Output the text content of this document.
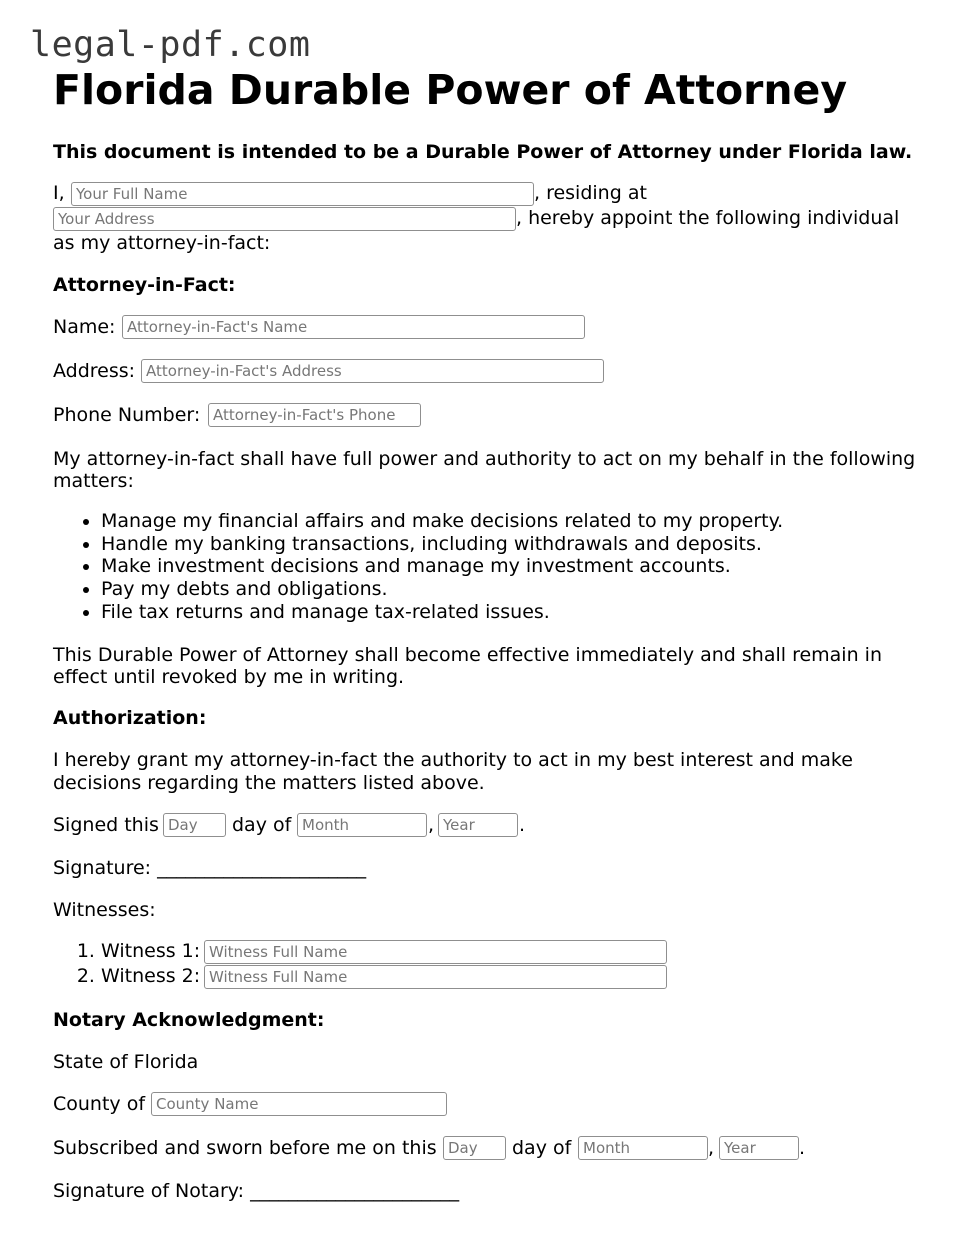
legal-pdf.com
Florida Durable Power of Attorney
This document is intended to be a Durable Power of Attorney under Florida law.
I,
Your Full Name	, residing at
Your Address
, hereby appoint the following individual
as my attorney-in-fact:
Attorney-in-Fact:
Name:
Attorney-in-Fact's Name
Address:
Attorney-in-Fact's Address
Phone Number:
Attorney-in-Fact's Phone
My attorney-in-fact shall have full power and authority to act on my behalf in the following
matters:
• Manage my financial affairs and make decisions related to my property.
• Handle my banking transactions, including withdrawals and deposits.
• Make investment decisions and manage my investment accounts.
• Pay my debts and obligations.
• File tax returns and manage tax-related issues.
This Durable Power of Attorney shall become effective immediately and shall remain in
effect until revoked by me in writing.
Authorization:
I hereby grant my attorney-in-fact the authority to act in my best interest and make
decisions regarding the matters listed above.
Signed this
Day	day of
Month	,
Year	.
Signature: ______________________
Witnesses:
1. Witness 1:
2. Witness 2:
Witness Full Name
Witness Full Name
Notary Acknowledgment:
State of Florida
County of
County Name
Subscribed and sworn before me on this
Day	day of
Month	,
Year	.
Signature of Notary: ______________________
